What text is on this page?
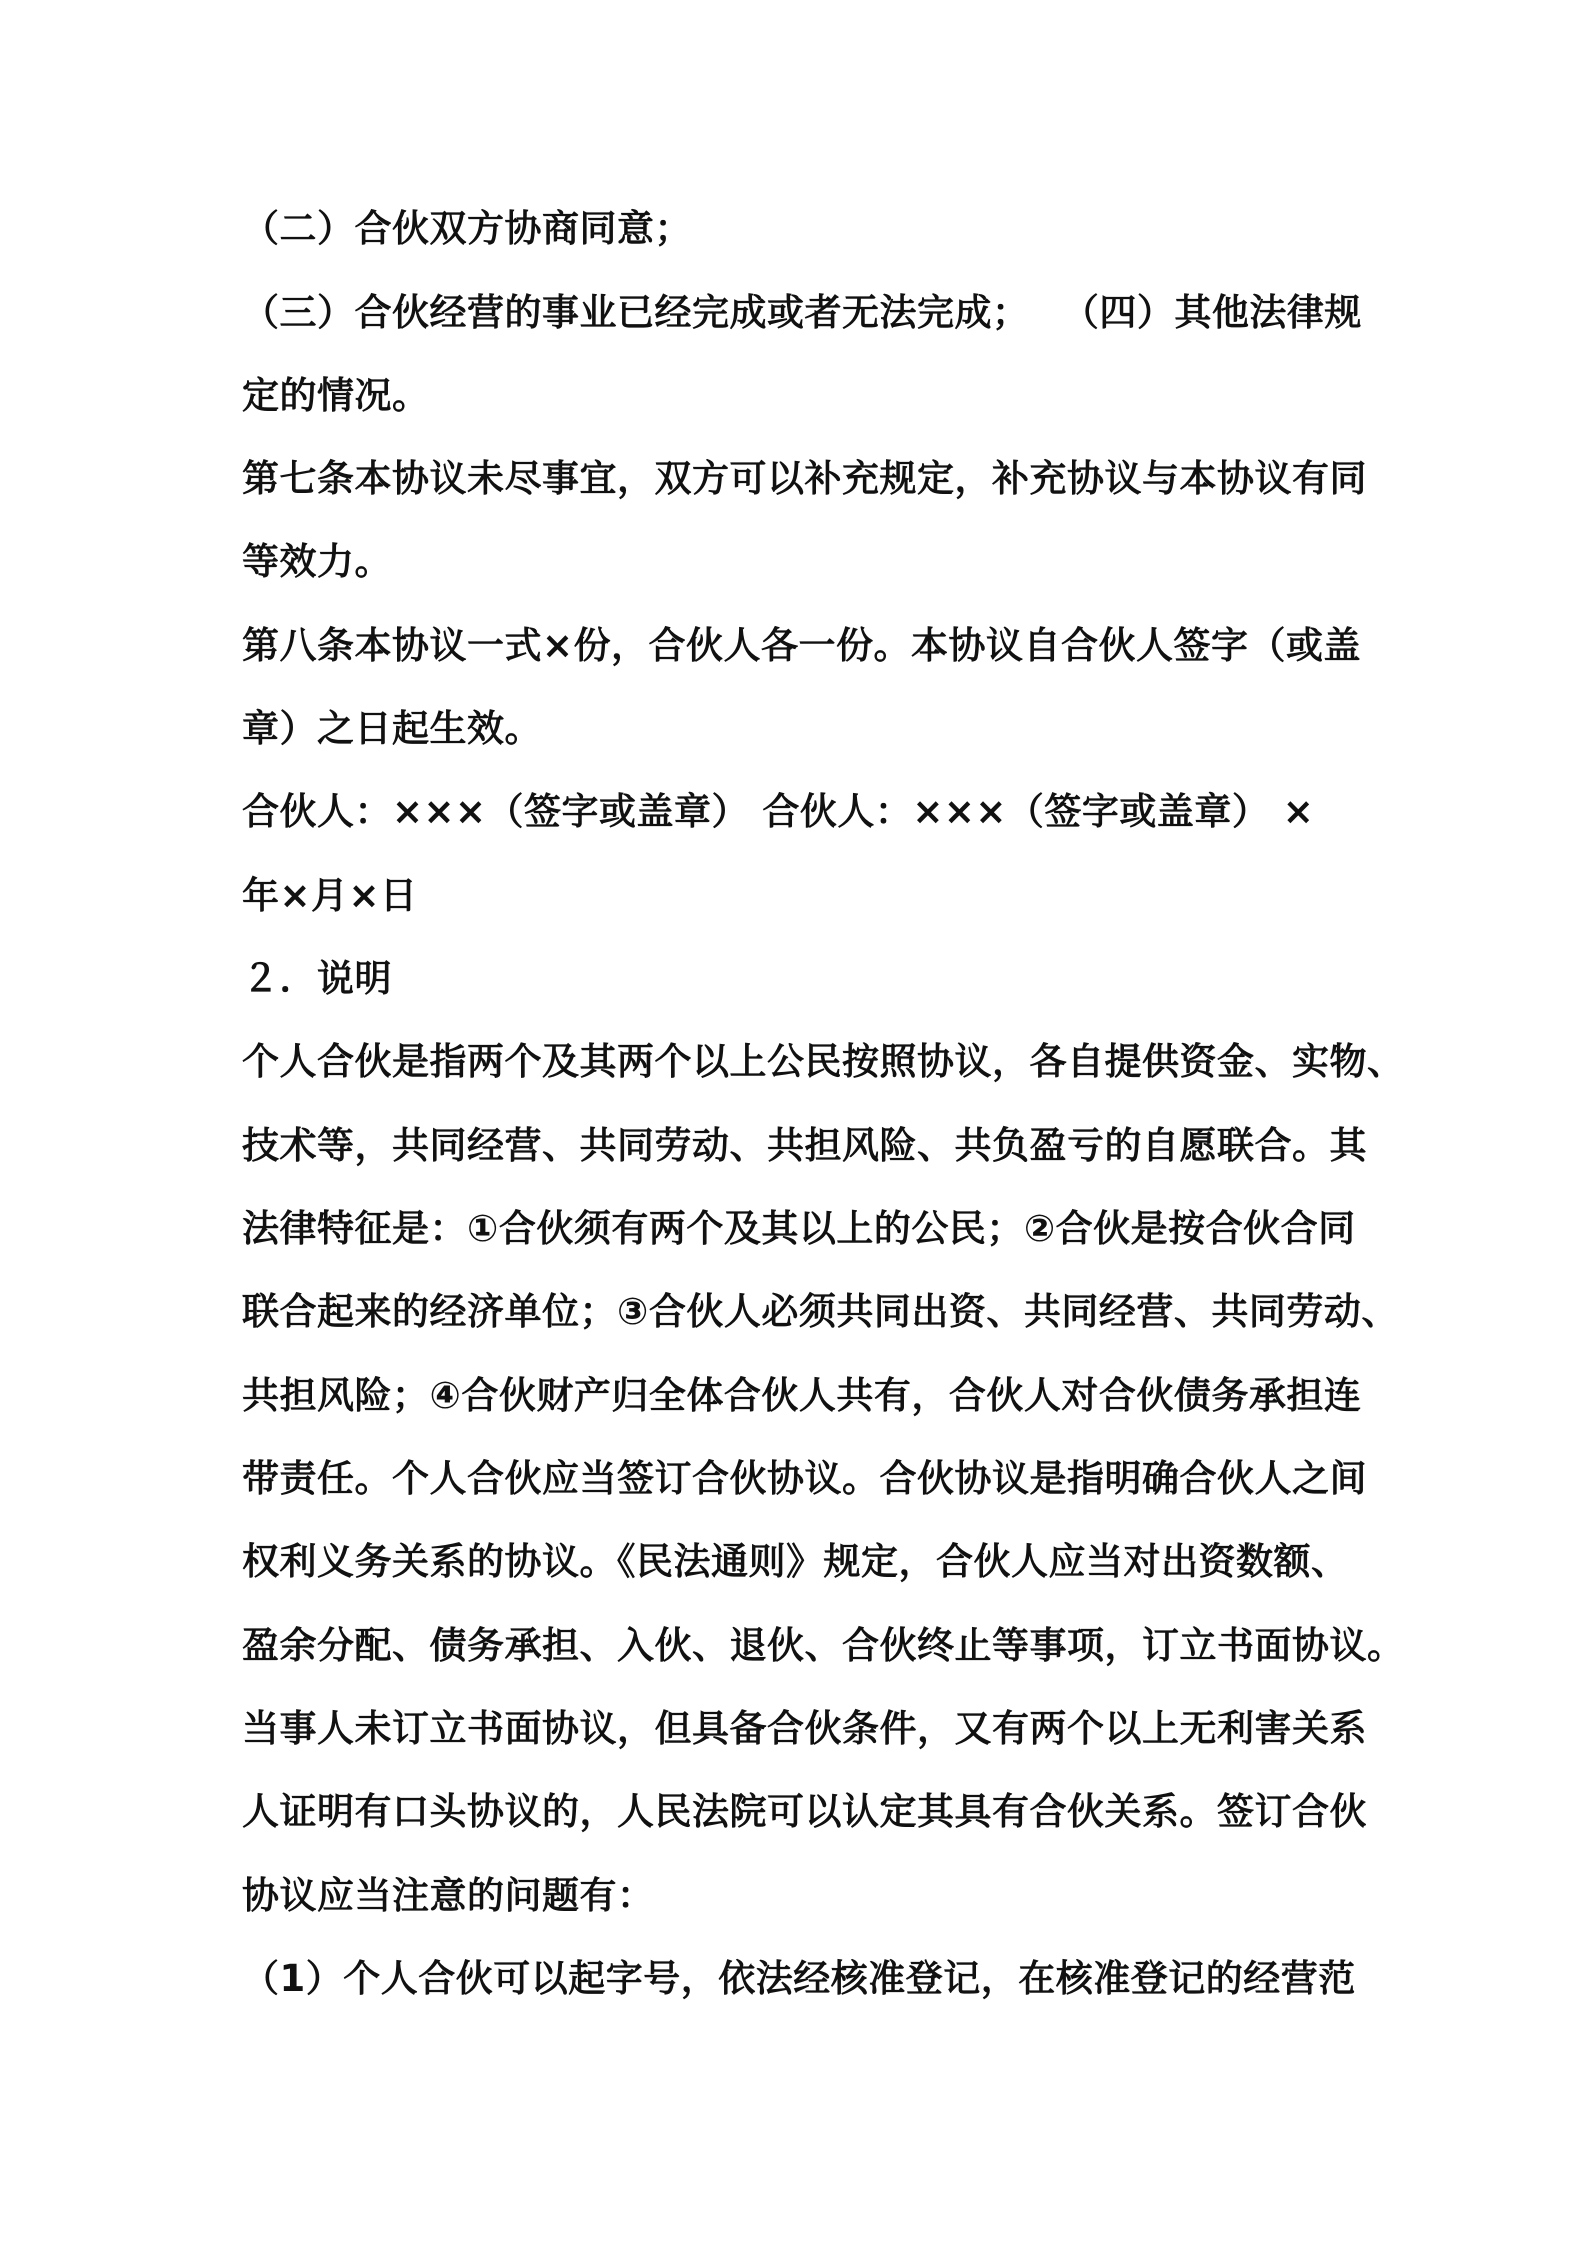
（二）合伙双方协商同意；
（三）合伙经营的事业已经完成或者无法完成；　 （四）其他法律规
定的情况。
第七条本协议未尽事宜，双方可以补充规定，补充协议与本协议有同
等效力。
第八条本协议一式×份，合伙人各一份。本协议自合伙人签字（或盖
章）之日起生效。
合伙人：×××（签字或盖章） 合伙人：×××（签字或盖章） ×
年×月×日
２．说明
个人合伙是指两个及其两个以上公民按照协议，各自提供资金、实物、
技术等，共同经营、共同劳动、共担风险、共负盈亏的自愿联合。其
法律特征是：①合伙须有两个及其以上的公民；②合伙是按合伙合同
联合起来的经济单位；③合伙人必须共同出资、共同经营、共同劳动、
共担风险；④合伙财产归全体合伙人共有，合伙人对合伙债务承担连
带责任。个人合伙应当签订合伙协议。合伙协议是指明确合伙人之间
权利义务关系的协议。《民法通则》规定，合伙人应当对出资数额、
盈余分配、债务承担、入伙、退伙、合伙终止等事项，订立书面协议。
当事人未订立书面协议，但具备合伙条件，又有两个以上无利害关系
人证明有口头协议的，人民法院可以认定其具有合伙关系。签订合伙
协议应当注意的问题有：
（1）个人合伙可以起字号，依法经核准登记，在核准登记的经营范
